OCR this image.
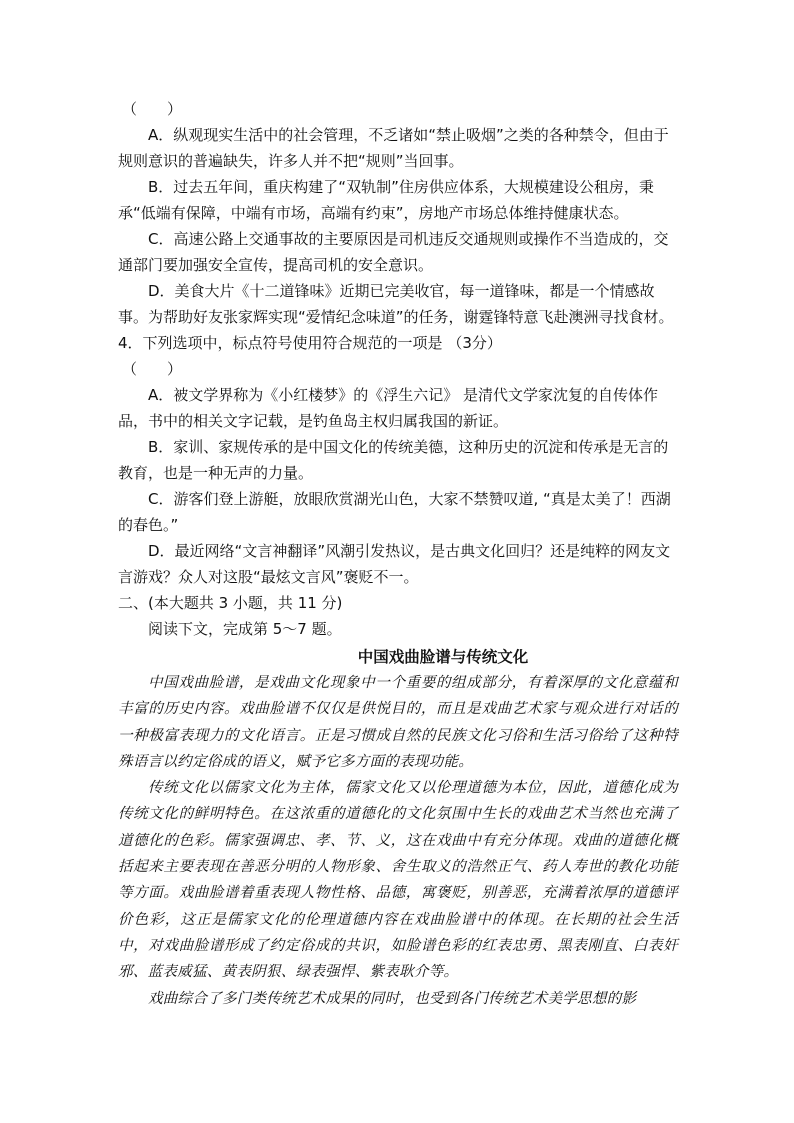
（　　）

A．纵观现实生活中的社会管理，不乏诸如“禁止吸烟”之类的各种禁令，但由于规则意识的普遍缺失，许多人并不把“规则”当回事。

B．过去五年间，重庆构建了“双轨制”住房供应体系，大规模建设公租房，秉承“低端有保障，中端有市场，高端有约束”，房地产市场总体维持健康状态。

C．高速公路上交通事故的主要原因是司机违反交通规则或操作不当造成的，交通部门要加强安全宣传，提高司机的安全意识。

D．美食大片《十二道锋味》近期已完美收官，每一道锋味，都是一个情感故事。为帮助好友张家辉实现“爱情纪念味道”的任务，谢霆锋特意飞赴澳洲寻找食材。

4．下列选项中，标点符号使用符合规范的一项是 （3分）

（　　）

A．被文学界称为《小红楼梦》的《浮生六记》 是清代文学家沈复的自传体作品，书中的相关文字记载，是钓鱼岛主权归属我国的新证。

B．家训、家规传承的是中国文化的传统美德，这种历史的沉淀和传承是无言的教育，也是一种无声的力量。

C．游客们登上游艇，放眼欣赏湖光山色，大家不禁赞叹道, “真是太美了！西湖的春色。”

D．最近网络“文言神翻译”风潮引发热议，是古典文化回归？还是纯粹的网友文言游戏？众人对这股“最炫文言风”褒贬不一。

二、(本大题共 3 小题，共 11 分)

阅读下文，完成第 5～7 题。

中国戏曲脸谱与传统文化

中国戏曲脸谱，是戏曲文化现象中一个重要的组成部分，有着深厚的文化意蕴和丰富的历史内容。戏曲脸谱不仅仅是供悦目的，而且是戏曲艺术家与观众进行对话的一种极富表现力的文化语言。正是习惯成自然的民族文化习俗和生活习俗给了这种特殊语言以约定俗成的语义，赋予它多方面的表现功能。

传统文化以儒家文化为主体，儒家文化又以伦理道德为本位，因此，道德化成为传统文化的鲜明特色。在这浓重的道德化的文化氛围中生长的戏曲艺术当然也充满了道德化的色彩。儒家强调忠、孝、节、义，这在戏曲中有充分体现。戏曲的道德化概括起来主要表现在善恶分明的人物形象、舍生取义的浩然正气、药人寿世的教化功能等方面。戏曲脸谱着重表现人物性格、品德，寓褒贬，别善恶，充满着浓厚的道德评价色彩，这正是儒家文化的伦理道德内容在戏曲脸谱中的体现。在长期的社会生活中，对戏曲脸谱形成了约定俗成的共识，如脸谱色彩的红表忠勇、黑表刚直、白表奸邪、蓝表威猛、黄表阴狠、绿表强悍、紫表耿介等。

戏曲综合了多门类传统艺术成果的同时，也受到各门传统艺术美学思想的影
